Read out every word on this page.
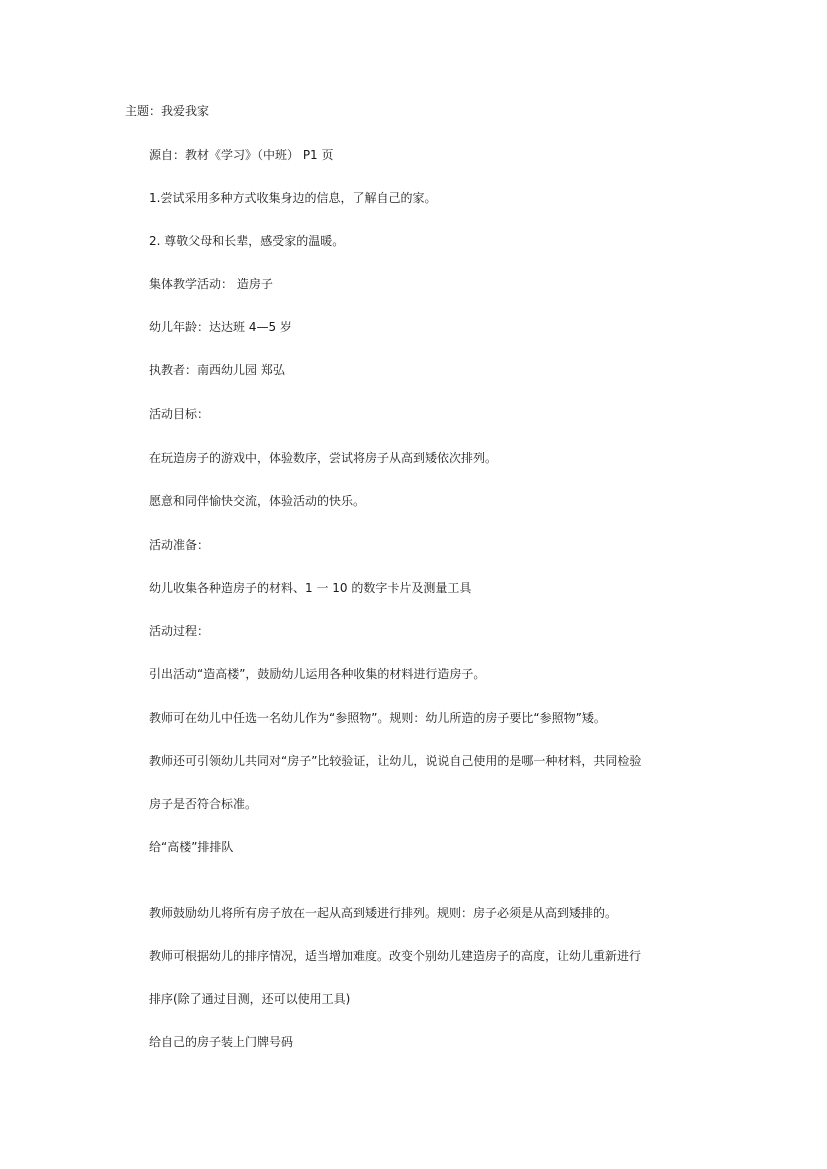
主题：我爱我家
源自：教材《学习》（中班） P1 页
1.尝试采用多种方式收集身边的信息，了解自己的家。
2. 尊敬父母和长辈，感受家的温暖。
集体教学活动： 造房子
幼儿年龄：达达班 4—5 岁
执教者：南西幼儿园 郑弘
活动目标：
在玩造房子的游戏中，体验数序，尝试将房子从高到矮依次排列。
愿意和同伴愉快交流，体验活动的快乐。
活动准备：
幼儿收集各种造房子的材料、1 一 10 的数字卡片及测量工具
活动过程：
引出活动“造高楼”，鼓励幼儿运用各种收集的材料进行造房子。
教师可在幼儿中任选一名幼儿作为“参照物”。规则：幼儿所造的房子要比“参照物”矮。
教师还可引领幼儿共同对“房子”比较验证，让幼儿，说说自己使用的是哪一种材料，共同检验
房子是否符合标准。
给“高楼”排排队
教师鼓励幼儿将所有房子放在一起从高到矮进行排列。规则：房子必须是从高到矮排的。
教师可根据幼儿的排序情况，适当增加难度。改变个别幼儿建造房子的高度，让幼儿重新进行
排序(除了通过目测，还可以使用工具)
给自己的房子装上门牌号码
